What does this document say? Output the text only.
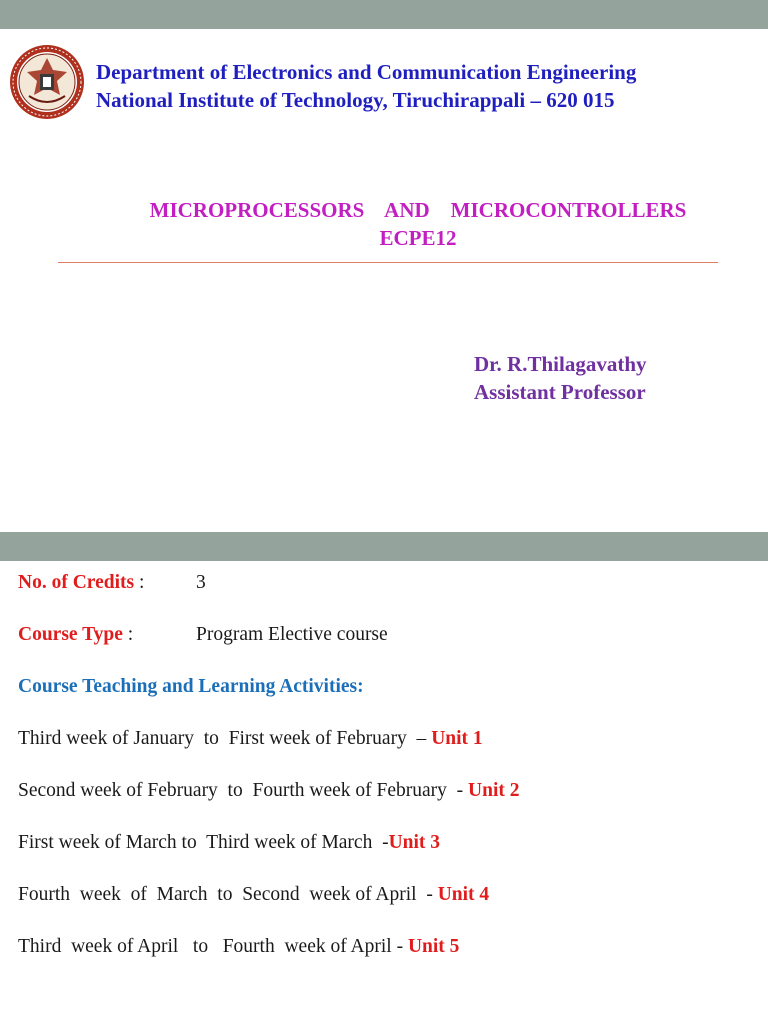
Department of Electronics and Communication Engineering
National Institute of Technology, Tiruchirappali – 620 015
MICROPROCESSORS    AND    MICROCONTROLLERS
ECPE12
Dr. R.Thilagavathy
Assistant Professor
No. of Credits :	3
Course Type :	Program Elective course
Course Teaching and Learning Activities:
Third week of January  to  First week of February  – Unit 1
Second week of February  to  Fourth week of February  - Unit 2
First week of March to  Third week of March  -Unit 3
Fourth  week  of  March  to  Second  week of April  - Unit 4
Third  week of April   to   Fourth  week of April - Unit 5
